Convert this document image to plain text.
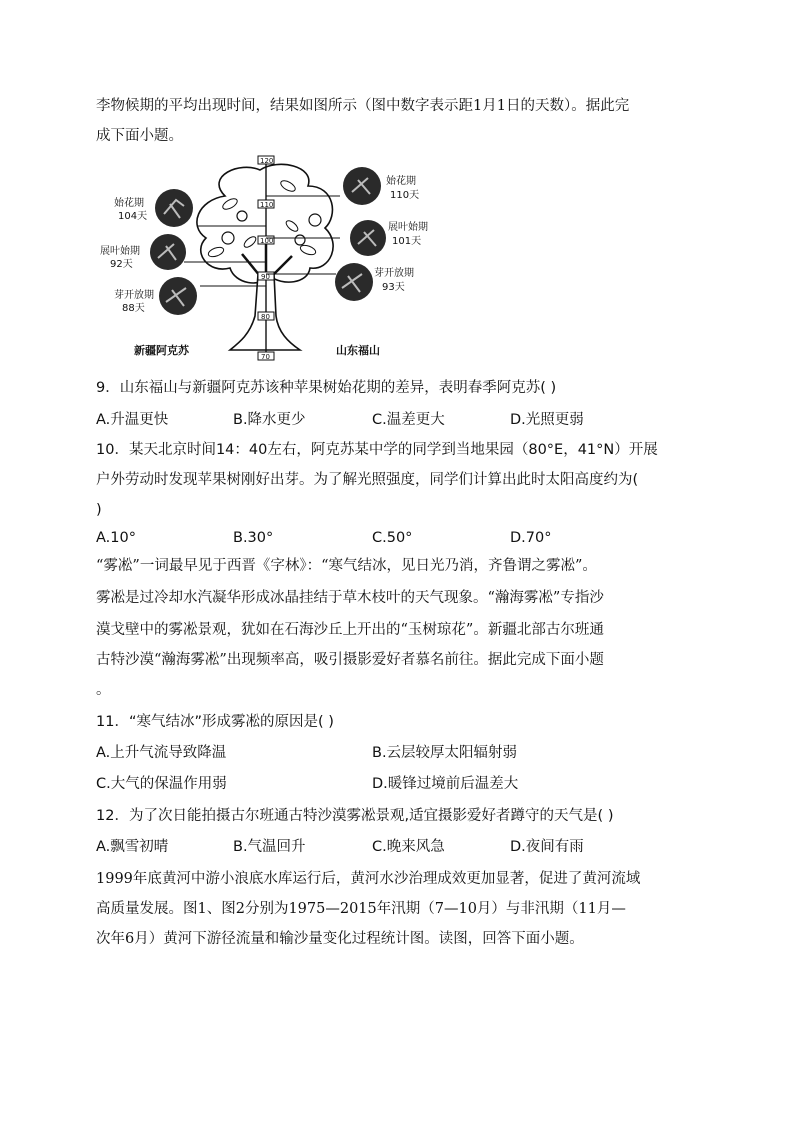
李物候期的平均出现时间，结果如图所示（图中数字表示距1月1日的天数）。据此完
成下面小题。
120
110
100
90
80
70
始花期
104天
展叶始期
92天
芽开放期
88天
始花期
110天
展叶始期
101天
芽开放期
93天
新疆阿克苏	山东福山
9．山东福山与新疆阿克苏该种苹果树始花期的差异，表明春季阿克苏( )
A.升温更快	B.降水更少	C.温差更大	D.光照更弱
10．某天北京时间14：40左右，阿克苏某中学的同学到当地果园（80°E，41°N）开展
户外劳动时发现苹果树刚好出芽。为了解光照强度，同学们计算出此时太阳高度约为(
)
A.10°	B.30°	C.50°	D.70°
“雾凇”一词最早见于西晋《字林》：“寒气结冰，见日光乃消，齐鲁谓之雾凇”。
雾凇是过冷却水汽凝华形成冰晶挂结于草木枝叶的天气现象。“瀚海雾凇”专指沙
漠戈壁中的雾凇景观，犹如在石海沙丘上开出的“玉树琼花”。新疆北部古尔班通
古特沙漠“瀚海雾凇”出现频率高，吸引摄影爱好者慕名前往。据此完成下面小题
。
11．“寒气结冰”形成雾凇的原因是( )
A.上升气流导致降温	B.云层较厚太阳辐射弱
C.大气的保温作用弱	D.暖锋过境前后温差大
12．为了次日能拍摄古尔班通古特沙漠雾凇景观,适宜摄影爱好者蹲守的天气是( )
A.飘雪初晴	B.气温回升	C.晚来风急	D.夜间有雨
1999年底黄河中游小浪底水库运行后，黄河水沙治理成效更加显著，促进了黄河流域
高质量发展。图1、图2分别为1975—2015年汛期（7—10月）与非汛期（11月—
次年6月）黄河下游径流量和输沙量变化过程统计图。读图，回答下面小题。
